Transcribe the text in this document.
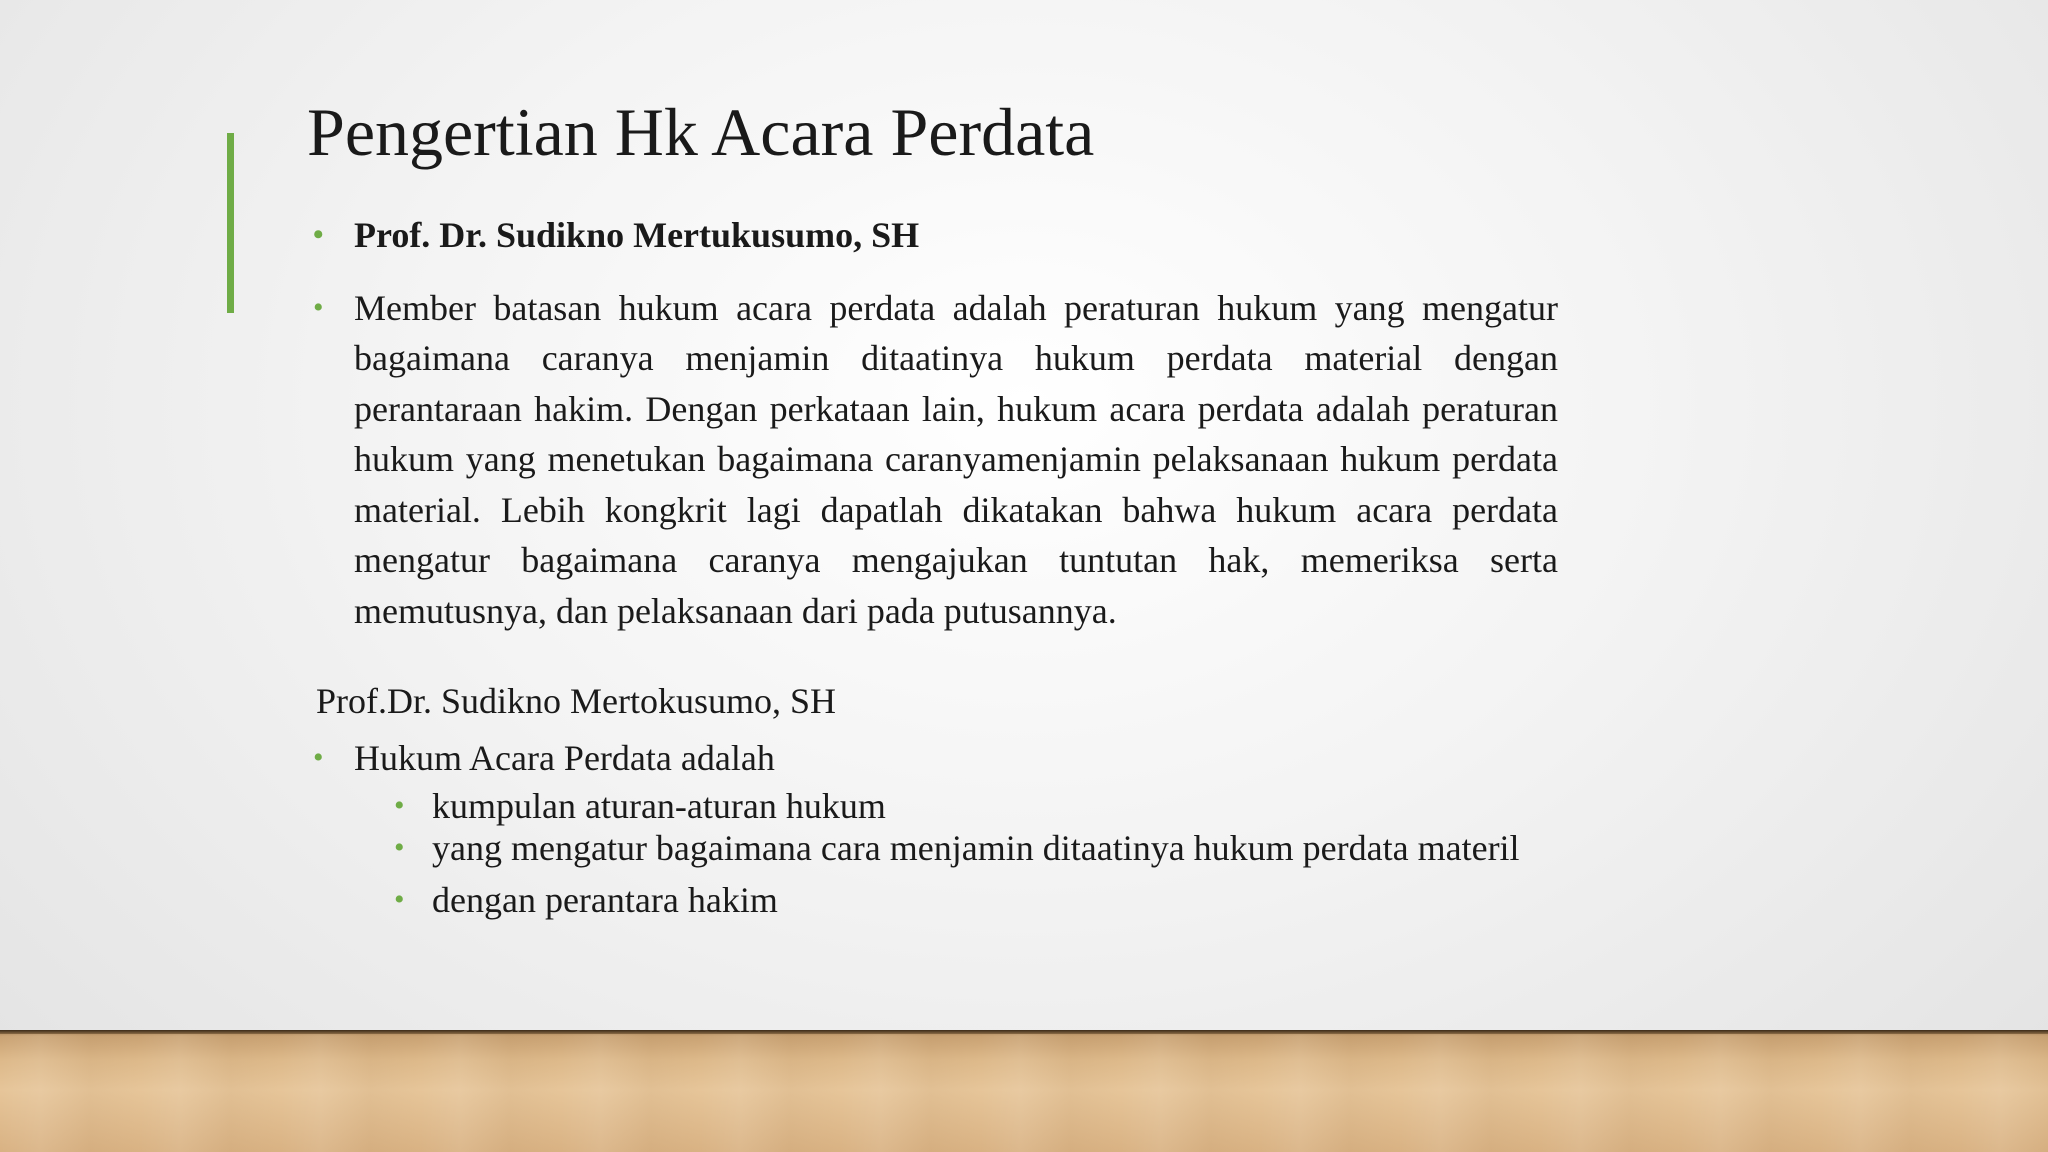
Pengertian Hk Acara Perdata
• Prof. Dr. Sudikno Mertukusumo, SH
• Member batasan hukum acara perdata adalah peraturan hukum yang mengatur bagaimana caranya menjamin ditaatinya hukum perdata material dengan perantaraan hakim. Dengan perkataan lain, hukum acara perdata adalah peraturan hukum yang menetukan bagaimana caranyamenjamin pelaksanaan hukum perdata material. Lebih kongkrit lagi dapatlah dikatakan bahwa hukum acara perdata mengatur bagaimana caranya mengajukan tuntutan hak, memeriksa serta memutusnya, dan pelaksanaan dari pada putusannya.
Prof.Dr. Sudikno Mertokusumo, SH
• Hukum Acara Perdata adalah
• kumpulan aturan-aturan hukum
• yang mengatur bagaimana cara menjamin ditaatinya hukum perdata materil
• dengan perantara hakim
